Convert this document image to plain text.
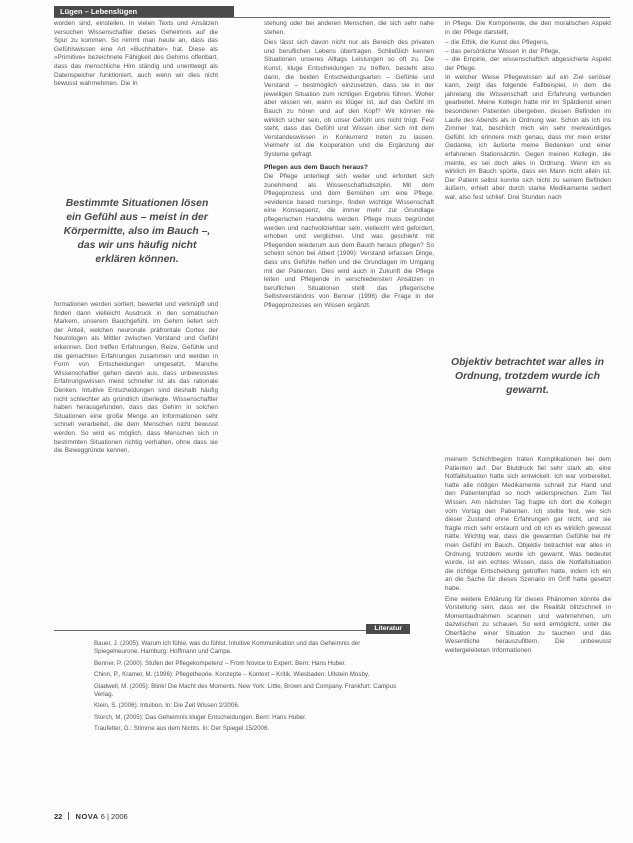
Lügen – Lebenslügen

worden sind, einstellen. In vielen Texts und Ansätzen versuchen Wissenschaftler dieses Geheimnis auf die Spur zu kommen. So nimmt man heute an, dass das Gefühlswissen eine Art »Buchhalter« hat. Diese als »Primitive« bezeichnete Fähigkeit des Gehirns offenbart, dass das menschliche Hirn ständig und unentwegt als Datenspeicher funktioniert, auch wenn wir dies nicht bewusst wahrnehmen. Die in

Bestimmte Situationen lösen ein Gefühl aus – meist in der Körpermitte, also im Bauch –, das wir uns häufig nicht erklären können.

formationen werden sortiert, bewertet und verknüpft und finden dann vielleicht Ausdruck in den somatischen Markern, unserem Bauchgefühl. Im Gehirn liefert sich der Anteil, welchen neuronale präfrontale Cortex der Neurologen als Mittler zwischen Verstand und Gefühl erkennen. Dort treffen Erfahrungen, Reize, Gefühle und die gemachten Erfahrungen zusammen und werden in Form von Entscheidungen umgesetzt. Manche Wissenschaftler gehen davon aus, dass unbewusstes Erfahrungswissen meist schneller ist als das rationale Denken. Intuitive Entscheidungen sind deshalb häufig nicht schlechter als gründlich überlegte. Wissenschaftler haben herausgefunden, dass das Gehirn in solchen Situationen eine große Menge an Informationen sehr schnell verarbeitet, die dem Menschen nicht bewusst werden. So wird es möglich, dass Menschen sich in bestimmten Situationen richtig verhalten, ohne dass sie die Beweggründe kennen.

stehung oder bei anderen Menschen, die sich sehr nahe stehen.

Dies lässt sich davon nicht nur als Bereich des privaten und beruflichen Lebens übertragen. Schließlich kennen Situationen unseres Alltags Leistungen so oft zu. Die Kunst, kluge Entscheidungen zu treffen, besteht also darin, die beiden Entscheidungsarten – Gefühle und Verstand – bestmöglich einzusetzen, dass sie in der jeweiligen Situation zum richtigen Ergebnis führen. Woher aber wissen wir, wann es klüger ist, auf das Gefühl im Bauch zu hören und auf den Kopf? Wir können nie wirklich sicher sein, ob unser Gefühl uns nicht trügt. Fest steht, dass das Gefühl und Wissen über sich mit dem Verstandeswissen in Konkurrenz treten zu lassen. Vielmehr ist die Kooperation und die Ergänzung der Systeme gefragt.

Pflegen aus dem Bauch heraus?

Die Pflege unterliegt sich weiter und erfordert sich zunehmend als Wissenschaftsdisziplin. Mit dem Pflegeprozess und dem Bemühen um eine Pflege, »evidence based nursing«, finden wichtige Wissenschaft eine Konsequenz, die immer mehr zur Grundlage pflegerischen Handelns werden. Pflege muss begründet werden und nachvollziehbar sein; vielleicht wird gefordert, erhoben und verglichen. Und was geschieht mit Pflegenden wiederum aus dem Bauch heraus pflegen? So scheint schon bei Albert (1999): Verstand erfassen Dinge, dass uns Gefühle helfen und die Grundlagen im Umgang mit der Patienten. Dies wird auch in Zukunft die Pflege leiten und Pflegende in verschiedensten Ansätzen in beruflichen Situationen stellt das pflegerische Selbstverständnis von Benner (1996) die Frage in der Pflegeprozesses ein Wissen ergänzt.

in Pflege. Die Komponente, die den moralischen Aspekt in der Pflege darstellt,

– die Ethik, die Kunst des Pflegens,
– das persönliche Wissen in der Pflege,
– die Empirie, der wissenschaftlich abgesicherte Aspekt der Pflege.

In welcher Weise Pflegewissen auf ein Ziel seriöser kann, zeigt das folgende Fallbeispiel, in dem die jahrelang die Wissenschaft und Erfahrung verbunden gearbeitet. Meine Kollegin hatte mir im Spätdienst einen besonderen Patienten übergeben, dessen Befinden im Laufe des Abends als in Ordnung war. Schon als ich ins Zimmer trat, beschlich mich ein sehr merkwürdiges Gefühl. Ich erinnere mich genau, dass mir mein erster Gedanke, ich äußerte meine Bedenken und einer erfahrenen Stationsärztin. Gegen meinen Kollegin, die meinte, es sei doch alles in Ordnung. Wenn ich es wirklich im Bauch spürte, dass ein Mann nicht allein ist. Der Patient selbst konnte sich nicht zu seinem Befinden äußern, erhielt aber durch starke Medikamente sediert war, also fest schlief. Drei Stunden nach

Objektiv betrachtet war alles in Ordnung, trotzdem wurde ich gewarnt.

meinem Schichtbeginn traten Komplikationen bei dem Patienten auf. Der Blutdruck fiel sehr stark ab, eine Notfallsituation hatte sich entwickelt. Ich war vorbereitet, hatte alle nötigen Medikamente schnell zur Hand und den Patientenpfad so noch widersprechen. Zum Teil Wissen. Am nächsten Tag fragte ich dort die Kollegin vom Vortag den Patienten. Ich stellte fest, wie sich dieser Zustand ohne Erfahrungen gar nicht, und sie fragte mich sehr erstaunt und ob ich es wirklich gewusst hätte. Wichtig war, dass die gewarnten Gefühle bei ihr mein Gefühl im Bauch. Objektiv betrachtet war alles in Ordnung, trotzdem wurde ich gewarnt. Was bedeutet wurde, ist ein echtes Wissen, dass die Notfallsituation die richtige Entscheidung getroffen hatte, indem ich ein an die Sache für dieses Szenario im Griff hatte gesetzt habe.

Eine weitere Erklärung für dieses Phänomen könnte die Vorstellung sein, dass wir die Realität blitzschnell in Momentaufnahmen scannen und wahrnehmen, um dazwischen zu schauen. So wird ermöglicht, unter die Oberfläche einer Situation zu tauchen und das Wesentliche herauszufiltern. Die unbewusst weitergeleiteten Informationen

Literatur

Bauer, J. (2005): Warum ich fühle, was du fühlst. Intuitive Kommunikation und das Geheimnis der Spiegelneurone. Hamburg: Hoffmann und Campe.

Benner, P. (2000): Stufen der Pflegekompetenz – From Novice to Expert. Bern: Hans Huber.

Chinn, P., Kramer, M. (1996): Pflegetheorie. Konzepte – Kontext – Kritik. Wiesbaden: Ullstein Mosby.

Gladwell, M. (2005): Blink! Die Macht des Moments. New York: Little, Brown and Company. Frankfurt: Campus Verlag.

Klein, S. (2006): Intuition. In: Die Zeit Wissen 2/2006.

Storch, M. (2005): Das Geheimnis kluger Entscheidungen. Bern: Hans Huber.

Traufetter, G.: Stimme aus dem Nichts. In: Der Spiegel 15/2006.

22 NOVA 6 | 2006
